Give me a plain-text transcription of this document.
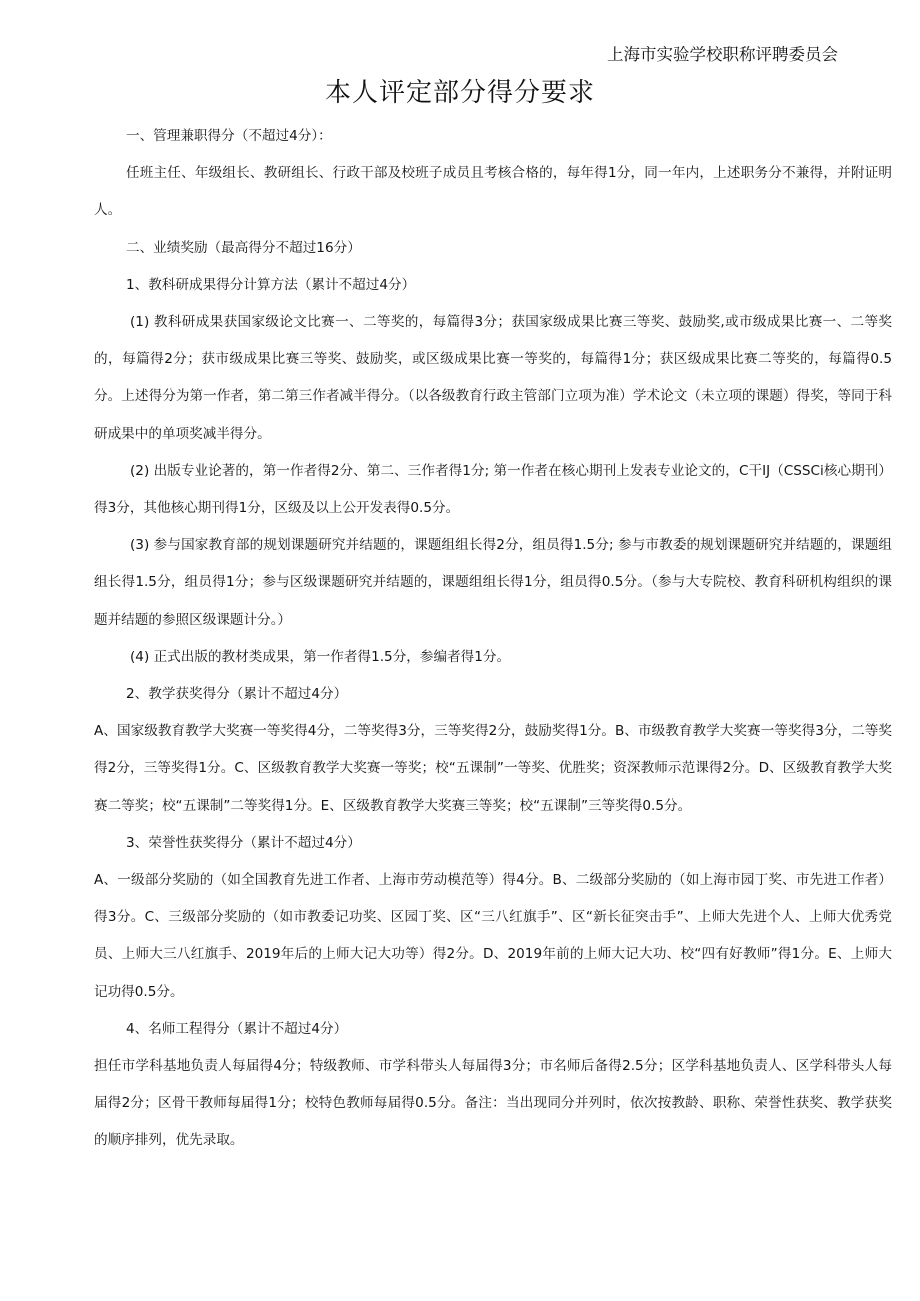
上海市实验学校职称评聘委员会
本人评定部分得分要求

一、管理兼职得分（不超过4分）：

任班主任、年级组长、教研组长、行政干部及校班子成员且考核合格的，每年得1分，同一年内，上述职务分不兼得，并附证明人。

二、业绩奖励（最高得分不超过16分）

1、教科研成果得分计算方法（累计不超过4分）

(1) 教科研成果获国家级论文比赛一、二等奖的，每篇得3分；获国家级成果比赛三等奖、鼓励奖,或市级成果比赛一、二等奖的，每篇得2分；获市级成果比赛三等奖、鼓励奖，或区级成果比赛一等奖的，每篇得1分；获区级成果比赛二等奖的，每篇得0.5分。上述得分为第一作者，第二第三作者减半得分。（以各级教育行政主管部门立项为准）学术论文（未立项的课题）得奖，等同于科研成果中的单项奖减半得分。

(2) 出版专业论著的，第一作者得2分、第二、三作者得1分; 第一作者在核心期刊上发表专业论文的，C干IJ（CSSCi核心期刊）得3分，其他核心期刊得1分，区级及以上公开发表得0.5分。

(3) 参与国家教育部的规划课题研究并结题的，课题组组长得2分，组员得1.5分; 参与市教委的规划课题研究并结题的，课题组组长得1.5分，组员得1分；参与区级课题研究并结题的，课题组组长得1分，组员得0.5分。（参与大专院校、教育科研机构组织的课题并结题的参照区级课题计分。）

(4) 正式出版的教材类成果，第一作者得1.5分，参编者得1分。

2、教学获奖得分（累计不超过4分）

A、国家级教育教学大奖赛一等奖得4分，二等奖得3分，三等奖得2分，鼓励奖得1分。B、市级教育教学大奖赛一等奖得3分，二等奖得2分，三等奖得1分。C、区级教育教学大奖赛一等奖；校“五课制”一等奖、优胜奖；资深教师示范课得2分。D、区级教育教学大奖赛二等奖；校“五课制”二等奖得1分。E、区级教育教学大奖赛三等奖；校“五课制”三等奖得0.5分。

3、荣誉性获奖得分（累计不超过4分）

A、一级部分奖励的（如全国教育先进工作者、上海市劳动模范等）得4分。B、二级部分奖励的（如上海市园丁奖、市先进工作者）得3分。C、三级部分奖励的（如市教委记功奖、区园丁奖、区“三八红旗手”、区“新长征突击手”、上师大先进个人、上师大优秀党员、上师大三八红旗手、2019年后的上师大记大功等）得2分。D、2019年前的上师大记大功、校“四有好教师”得1分。E、上师大记功得0.5分。

4、名师工程得分（累计不超过4分）

担任市学科基地负责人每届得4分；特级教师、市学科带头人每届得3分；市名师后备得2.5分；区学科基地负责人、区学科带头人每届得2分；区骨干教师每届得1分；校特色教师每届得0.5分。备注：当出现同分并列时，依次按教龄、职称、荣誉性获奖、教学获奖的顺序排列，优先录取。
